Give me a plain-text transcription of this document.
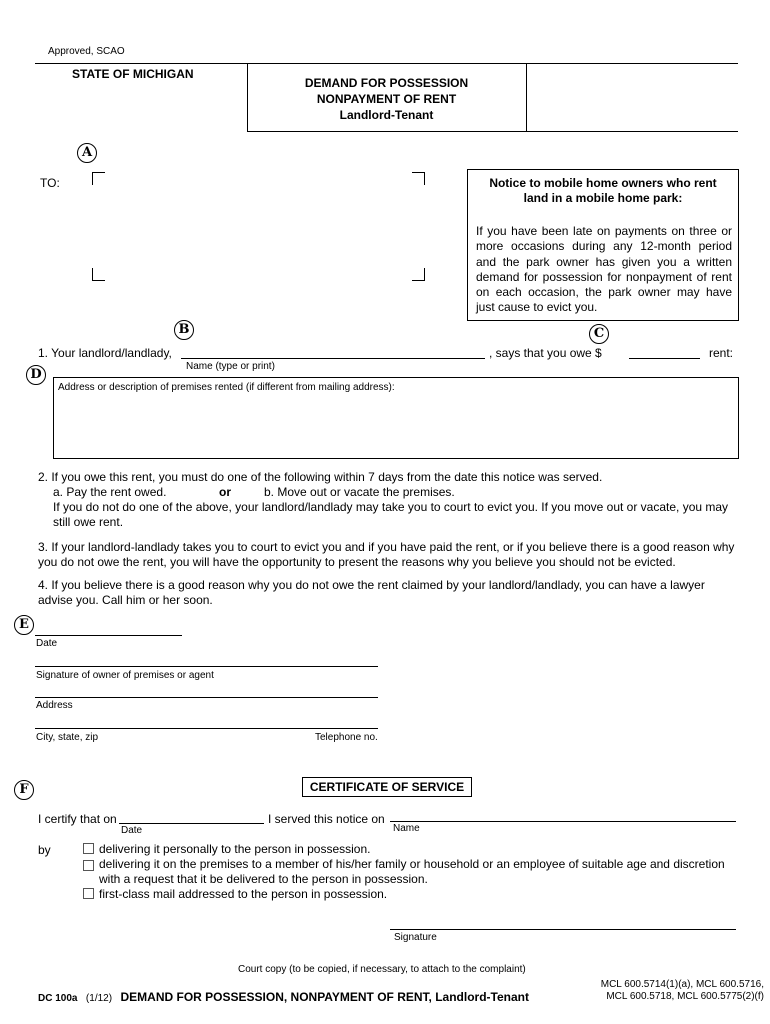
Approved, SCAO
STATE OF MICHIGAN
DEMAND FOR POSSESSION
NONPAYMENT OF RENT
Landlord-Tenant
A
TO:	Notice to mobile home owners who rent land in a mobile home park:
If you have been late on payments on three or more occasions during any 12-month period and the park owner has given you a written demand for possession for nonpayment of rent on each occasion, the park owner may have just cause to evict you.
B	C
1. Your landlord/landlady,
Name (type or print)
, says that you owe $	rent:
D
Address or description of premises rented (if different from mailing address):
2. If you owe this rent, you must do one of the following within 7 days from the date this notice was served.
a. Pay the rent owed.	or	b. Move out or vacate the premises.
If you do not do one of the above, your landlord/landlady may take you to court to evict you. If you move out or vacate, you may still owe rent.
3. If your landlord-landlady takes you to court to evict you and if you have paid the rent, or if you believe there is a good reason why you do not owe the rent, you will have the opportunity to present the reasons why you believe you should not be evicted.
4. If you believe there is a good reason why you do not owe the rent claimed by your landlord/landlady, you can have a lawyer advise you. Call him or her soon.
E
Date
Signature of owner of premises or agent
Address
City, state, zip	Telephone no.
F	CERTIFICATE OF SERVICE
I certify that on
Date
I served this notice on
Name
by	delivering it personally to the person in possession.
delivering it on the premises to a member of his/her family or household or an employee of suitable age and discretion with a request that it be delivered to the person in possession.
first-class mail addressed to the person in possession.
Signature
Court copy (to be copied, if necessary, to attach to the complaint)
DC 100a (1/12) DEMAND FOR POSSESSION, NONPAYMENT OF RENT, Landlord-Tenant
MCL 600.5714(1)(a), MCL 600.5716,
MCL 600.5718, MCL 600.5775(2)(f)
